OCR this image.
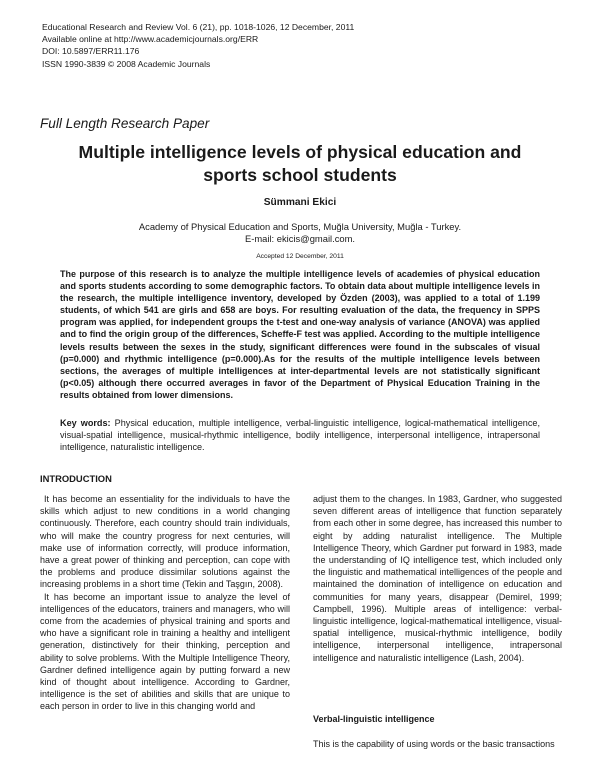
Educational Research and Review Vol. 6 (21), pp. 1018-1026, 12 December, 2011
Available online at http://www.academicjournals.org/ERR
DOI: 10.5897/ERR11.176
ISSN 1990-3839 © 2008 Academic Journals
Full Length Research Paper
Multiple intelligence levels of physical education and
sports school students
Sümmani Ekici
Academy of Physical Education and Sports, Muğla University, Muğla - Turkey.
E-mail: ekicis@gmail.com.
Accepted 12 December, 2011
The purpose of this research is to analyze the multiple intelligence levels of academies of physical education and sports students according to some demographic factors. To obtain data about multiple intelligence levels in the research, the multiple intelligence inventory, developed by Özden (2003), was applied to a total of 1.199 students, of which 541 are girls and 658 are boys. For resulting evaluation of the data, the frequency in SPPS program was applied, for independent groups the t-test and one-way analysis of variance (ANOVA) was applied and to find the origin group of the differences, Scheffe-F test was applied. According to the multiple intelligence levels results between the sexes in the study, significant differences were found in the subscales of visual (p=0.000) and rhythmic intelligence (p=0.000).As for the results of the multiple intelligence levels between sections, the averages of multiple intelligences at inter-departmental levels are not statistically significant (p<0.05) although there occurred averages in favor of the Department of Physical Education Training in the results obtained from lower dimensions.
Key words: Physical education, multiple intelligence, verbal-linguistic intelligence, logical-mathematical intelligence, visual-spatial intelligence, musical-rhythmic intelligence, bodily intelligence, interpersonal intelligence, intrapersonal intelligence, naturalistic intelligence.
INTRODUCTION

It has become an essentiality for the individuals to have the skills which adjust to new conditions in a world changing continuously. Therefore, each country should train individuals, who will make the country progress for next centuries, will make use of information correctly, will produce information, have a great power of thinking and perception, can cope with the problems and produce dissimilar solutions against the increasing problems in a short time (Tekin and Taşgın, 2008).

It has become an important issue to analyze the level of intelligences of the educators, trainers and managers, who will come from the academies of physical training and sports and who have a significant role in training a healthy and intelligent generation, distinctively for their thinking, perception and ability to solve problems. With the Multiple Intelligence Theory, Gardner defined intelligence again by putting forward a new kind of thought about intelligence. According to Gardner, intelligence is the set of abilities and skills that are unique to each person in order to live in this changing world and

adjust them to the changes. In 1983, Gardner, who suggested seven different areas of intelligence that function separately from each other in some degree, has increased this number to eight by adding naturalist intelligence. The Multiple Intelligence Theory, which Gardner put forward in 1983, made the understanding of IQ intelligence test, which included only the linguistic and mathematical intelligences of the people and maintained the domination of intelligence on education and communities for many years, disappear (Demirel, 1999; Campbell, 1996). Multiple areas of intelligence: verbal-linguistic intelligence, logical-mathematical intelligence, visual-spatial intelligence, musical-rhythmic intelligence, bodily intelligence, interpersonal intelligence, intrapersonal intelligence and naturalistic intelligence (Lash, 2004).

Verbal-linguistic intelligence

This is the capability of using words or the basic transactions
